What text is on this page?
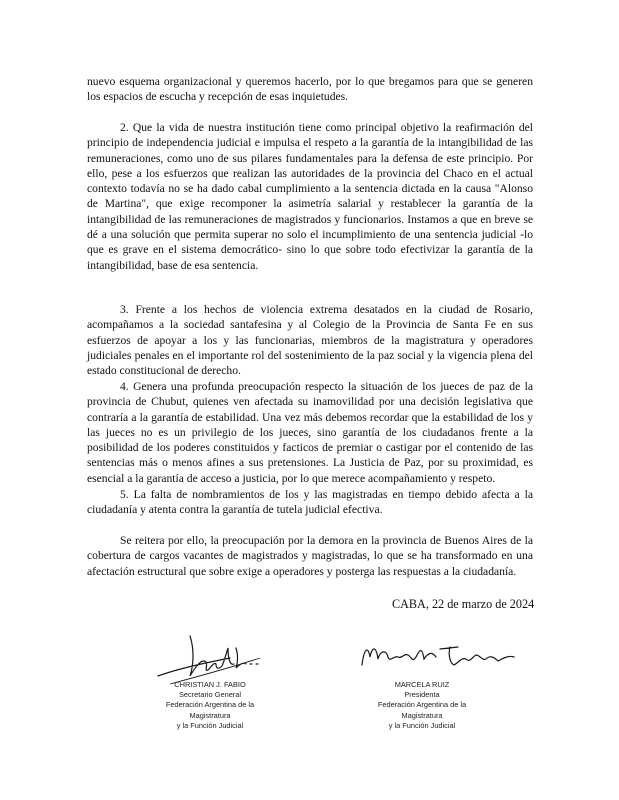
nuevo esquema organizacional y queremos hacerlo, por lo que bregamos para que se generen los espacios de escucha y recepción de esas inquietudes.

2. Que la vida de nuestra institución tiene como principal objetivo la reafirmación del principio de independencia judicial e impulsa el respeto a la garantía de la intangibilidad de las remuneraciones, como uno de sus pilares fundamentales para la defensa de este principio. Por ello, pese a los esfuerzos que realizan las autoridades de la provincia del Chaco en el actual contexto todavía no se ha dado cabal cumplimiento a la sentencia dictada en la causa "Alonso de Martina", que exige recomponer la asimetría salarial y restablecer la garantía de la intangibilidad de las remuneraciones de magistrados y funcionarios. Instamos a que en breve se dé a una solución que permita superar no solo el incumplimiento de una sentencia judicial -lo que es grave en el sistema democrático- sino lo que sobre todo efectivizar la garantía de la intangibilidad, base de esa sentencia.

3. Frente a los hechos de violencia extrema desatados en la ciudad de Rosario, acompañamos a la sociedad santafesina y al Colegio de la Provincia de Santa Fe en sus esfuerzos de apoyar a los y las funcionarias, miembros de la magistratura y operadores judiciales penales en el importante rol del sostenimiento de la paz social y la vigencia plena del estado constitucional de derecho.

4. Genera una profunda preocupación respecto la situación de los jueces de paz de la provincia de Chubut, quienes ven afectada su inamovilidad por una decisión legislativa que contraría a la garantía de estabilidad. Una vez más debemos recordar que la estabilidad de los y las jueces no es un privilegio de los jueces, sino garantía de los ciudadanos frente a la posibilidad de los poderes constituidos y facticos de premiar o castigar por el contenido de las sentencias más o menos afines a sus pretensiones. La Justicia de Paz, por su proximidad, es esencial a la garantía de acceso a justicia, por lo que merece acompañamiento y respeto.

5. La falta de nombramientos de los y las magistradas en tiempo debido afecta a la ciudadanía y atenta contra la garantía de tutela judicial efectiva.

Se reitera por ello, la preocupación por la demora en la provincia de Buenos Aires de la cobertura de cargos vacantes de magistrados y magistradas, lo que se ha transformado en una afectación estructural que sobre exige a operadores y posterga las respuestas a la ciudadanía.

CABA, 22 de marzo de 2024
CHRISTIAN J. FABIO
Secretario General
Federación Argentina de la Magistratura
y la Función Judicial
MARCELA RUIZ
Presidenta
Federación Argentina de la Magistratura
y la Función Judicial
